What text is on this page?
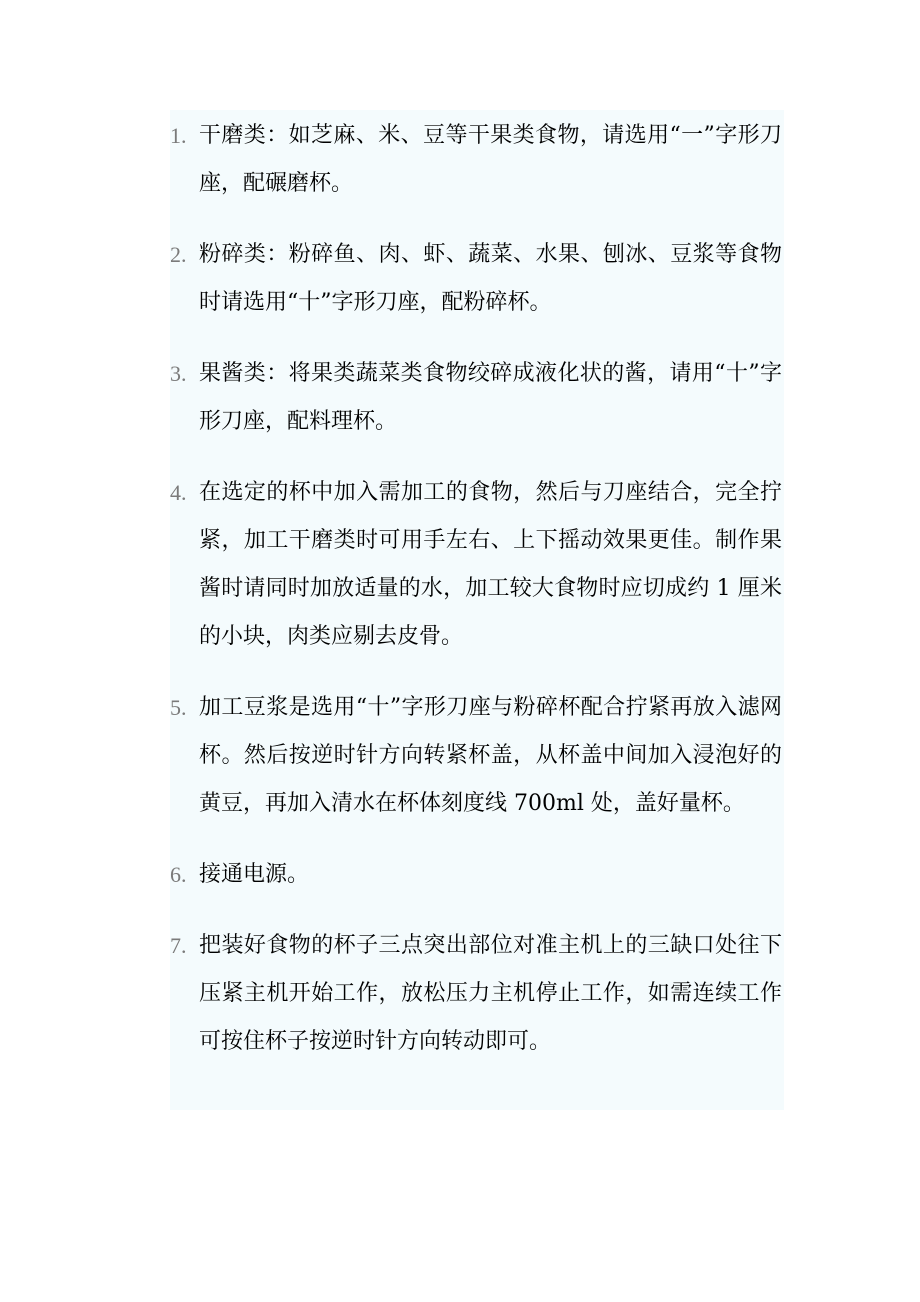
1. 干磨类：如芝麻、米、豆等干果类食物，请选用“一”字形刀座，配碾磨杯。
2. 粉碎类：粉碎鱼、肉、虾、蔬菜、水果、刨冰、豆浆等食物时请选用“十”字形刀座，配粉碎杯。
3. 果酱类：将果类蔬菜类食物绞碎成液化状的酱，请用“十”字形刀座，配料理杯。
4. 在选定的杯中加入需加工的食物，然后与刀座结合，完全拧紧，加工干磨类时可用手左右、上下摇动效果更佳。制作果酱时请同时加放适量的水，加工较大食物时应切成约 1 厘米的小块，肉类应剔去皮骨。
5. 加工豆浆是选用“十”字形刀座与粉碎杯配合拧紧再放入滤网杯。然后按逆时针方向转紧杯盖，从杯盖中间加入浸泡好的黄豆，再加入清水在杯体刻度线 700ml 处，盖好量杯。
6. 接通电源。
7. 把装好食物的杯子三点突出部位对准主机上的三缺口处往下压紧主机开始工作，放松压力主机停止工作，如需连续工作可按住杯子按逆时针方向转动即可。
